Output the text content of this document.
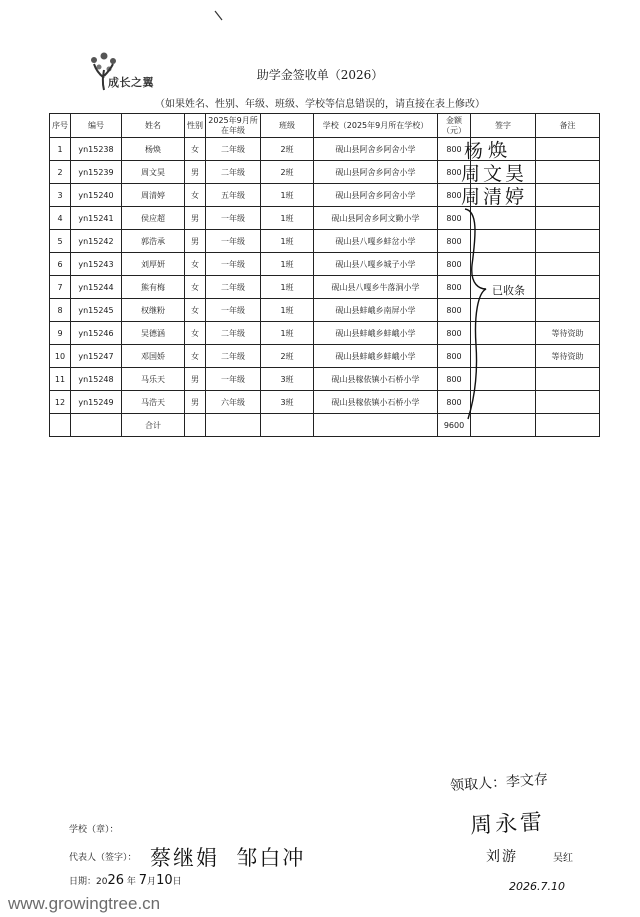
成长之翼
助学金签收单（2026）
（如果姓名、性别、年级、班级、学校等信息错误的，请直接在表上修改）
序号	编号	姓名	性别	2025年9月所在年级	班级	学校（2025年9月所在学校）	金额（元）	签字	备注
1	yn15238	杨焕	女	二年级	2班	砚山县阿舍乡阿舍小学	800		
2	yn15239	周文昊	男	二年级	2班	砚山县阿舍乡阿舍小学	800		
3	yn15240	周清婷	女	五年级	1班	砚山县阿舍乡阿舍小学	800		
4	yn15241	侯应超	男	一年级	1班	砚山县阿舍乡阿文勤小学	800		
5	yn15242	郭浩承	男	一年级	1班	砚山县八嘎乡蚌岔小学	800		
6	yn15243	刘厚妍	女	一年级	1班	砚山县八嘎乡城子小学	800		
7	yn15244	熊有梅	女	二年级	1班	砚山县八嘎乡牛落洞小学	800		
8	yn15245	权继粉	女	一年级	1班	砚山县蚌峨乡南屏小学	800		
9	yn15246	吴德涵	女	二年级	1班	砚山县蚌峨乡蚌峨小学	800		等待资助
10	yn15247	邓国娇	女	二年级	2班	砚山县蚌峨乡蚌峨小学	800		等待资助
11	yn15248	马乐天	男	一年级	3班	砚山县稼依镇小石桥小学	800		
12	yn15249	马浩天	男	六年级	3班	砚山县稼依镇小石桥小学	800		
		合计					9600		
杨焕
周文昊
周清婷
已收条
领取人：李文存
周永雷
刘游	吴红
2026.7.10
学校（章）：
代表人（签字）： 蔡继娟  邹白冲
日期：2026 年 7月10日
www.growingtree.cn
